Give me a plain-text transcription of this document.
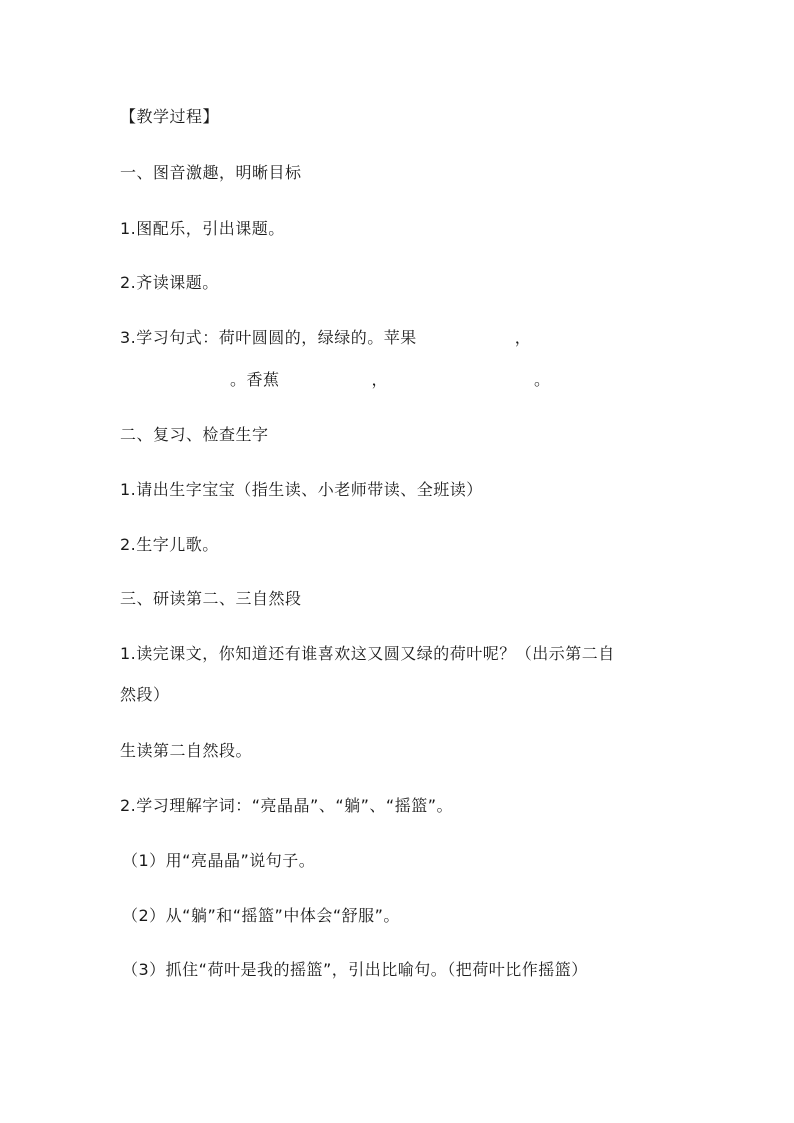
【教学过程】
一、图音激趣，明晰目标
1.图配乐，引出课题。
2.齐读课题。
3.学习句式：荷叶圆圆的，绿绿的。苹果	，
。香蕉	，	。
二、复习、检查生字
1.请出生字宝宝（指生读、小老师带读、全班读）
2.生字儿歌。
三、研读第二、三自然段
1.读完课文，你知道还有谁喜欢这又圆又绿的荷叶呢？（出示第二自
然段）
生读第二自然段。
2.学习理解字词：“亮晶晶”、“躺”、“摇篮”。
（1）用“亮晶晶”说句子。
（2）从“躺”和“摇篮”中体会“舒服”。
（3）抓住“荷叶是我的摇篮”，引出比喻句。（把荷叶比作摇篮）
